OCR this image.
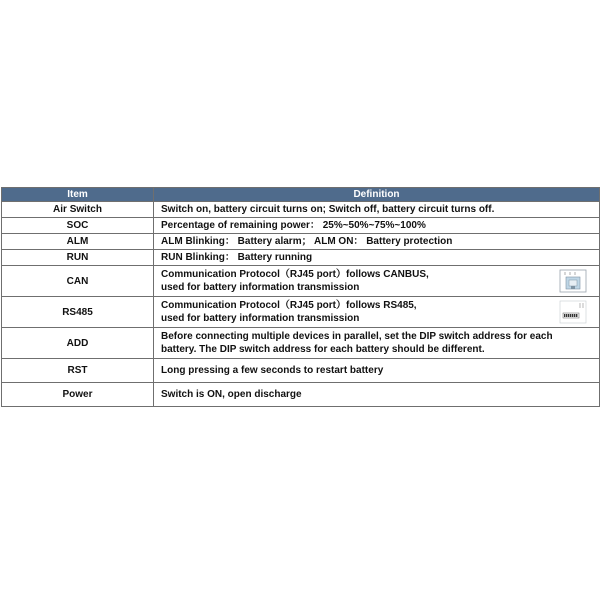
Item	Definition
Air Switch	Switch on, battery circuit turns on; Switch off, battery circuit turns off.

SOC	Percentage of remaining power： 25%~50%~75%~100%

ALM	ALM Blinking： Battery alarm； ALM ON： Battery protection

RUN	RUN Blinking： Battery running

CAN	Communication Protocol（RJ45 port）follows CANBUS,
used for battery information transmission

RS485	Communication Protocol（RJ45 port）follows RS485,
used for battery information transmission

ADD	Before connecting multiple devices in parallel, set the DIP switch address for each
battery. The DIP switch address for each battery should be different.

RST	Long pressing a few seconds to restart battery

Power	Switch is ON, open discharge
